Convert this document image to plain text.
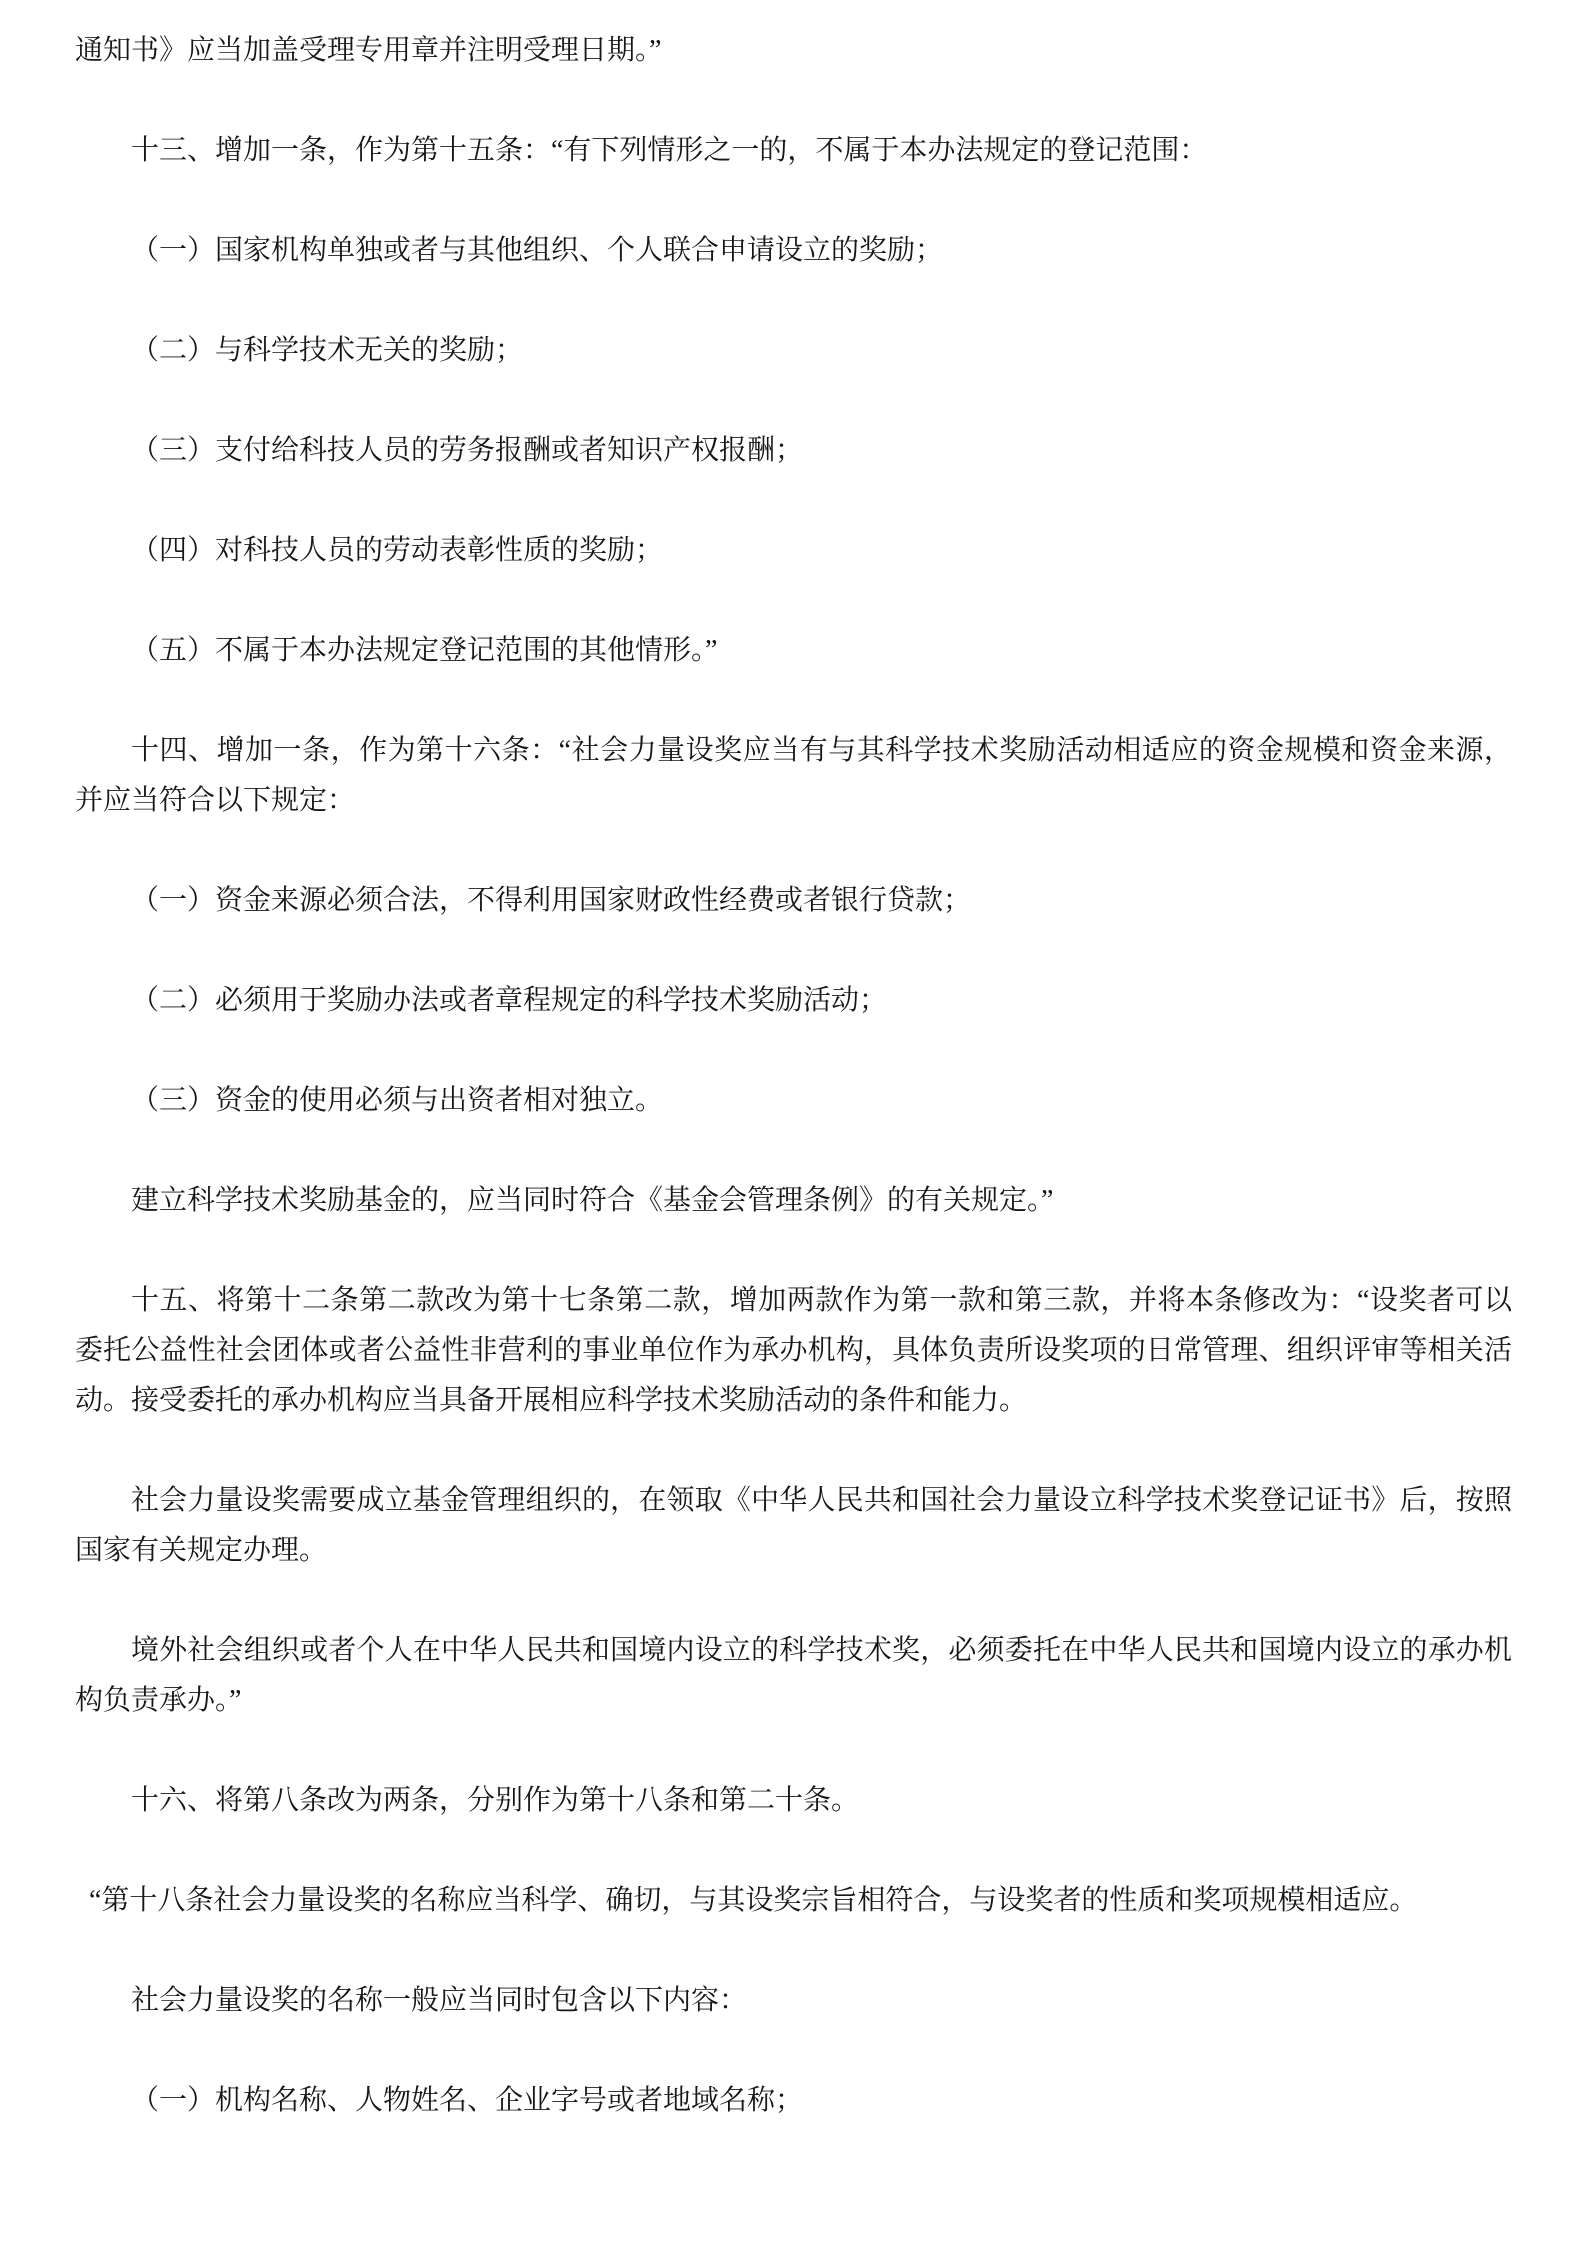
通知书》应当加盖受理专用章并注明受理日期。”

十三、增加一条，作为第十五条：“有下列情形之一的，不属于本办法规定的登记范围：

（一）国家机构单独或者与其他组织、个人联合申请设立的奖励；

（二）与科学技术无关的奖励；

（三）支付给科技人员的劳务报酬或者知识产权报酬；

（四）对科技人员的劳动表彰性质的奖励；

（五）不属于本办法规定登记范围的其他情形。”

十四、增加一条，作为第十六条：“社会力量设奖应当有与其科学技术奖励活动相适应的资金规模和资金来源，并应当符合以下规定：

（一）资金来源必须合法，不得利用国家财政性经费或者银行贷款；

（二）必须用于奖励办法或者章程规定的科学技术奖励活动；

（三）资金的使用必须与出资者相对独立。

建立科学技术奖励基金的，应当同时符合《基金会管理条例》的有关规定。”

十五、将第十二条第二款改为第十七条第二款，增加两款作为第一款和第三款，并将本条修改为：“设奖者可以委托公益性社会团体或者公益性非营利的事业单位作为承办机构，具体负责所设奖项的日常管理、组织评审等相关活动。接受委托的承办机构应当具备开展相应科学技术奖励活动的条件和能力。

社会力量设奖需要成立基金管理组织的，在领取《中华人民共和国社会力量设立科学技术奖登记证书》后，按照国家有关规定办理。

境外社会组织或者个人在中华人民共和国境内设立的科学技术奖，必须委托在中华人民共和国境内设立的承办机构负责承办。”

十六、将第八条改为两条，分别作为第十八条和第二十条。

“第十八条社会力量设奖的名称应当科学、确切，与其设奖宗旨相符合，与设奖者的性质和奖项规模相适应。

社会力量设奖的名称一般应当同时包含以下内容：

（一）机构名称、人物姓名、企业字号或者地域名称；
